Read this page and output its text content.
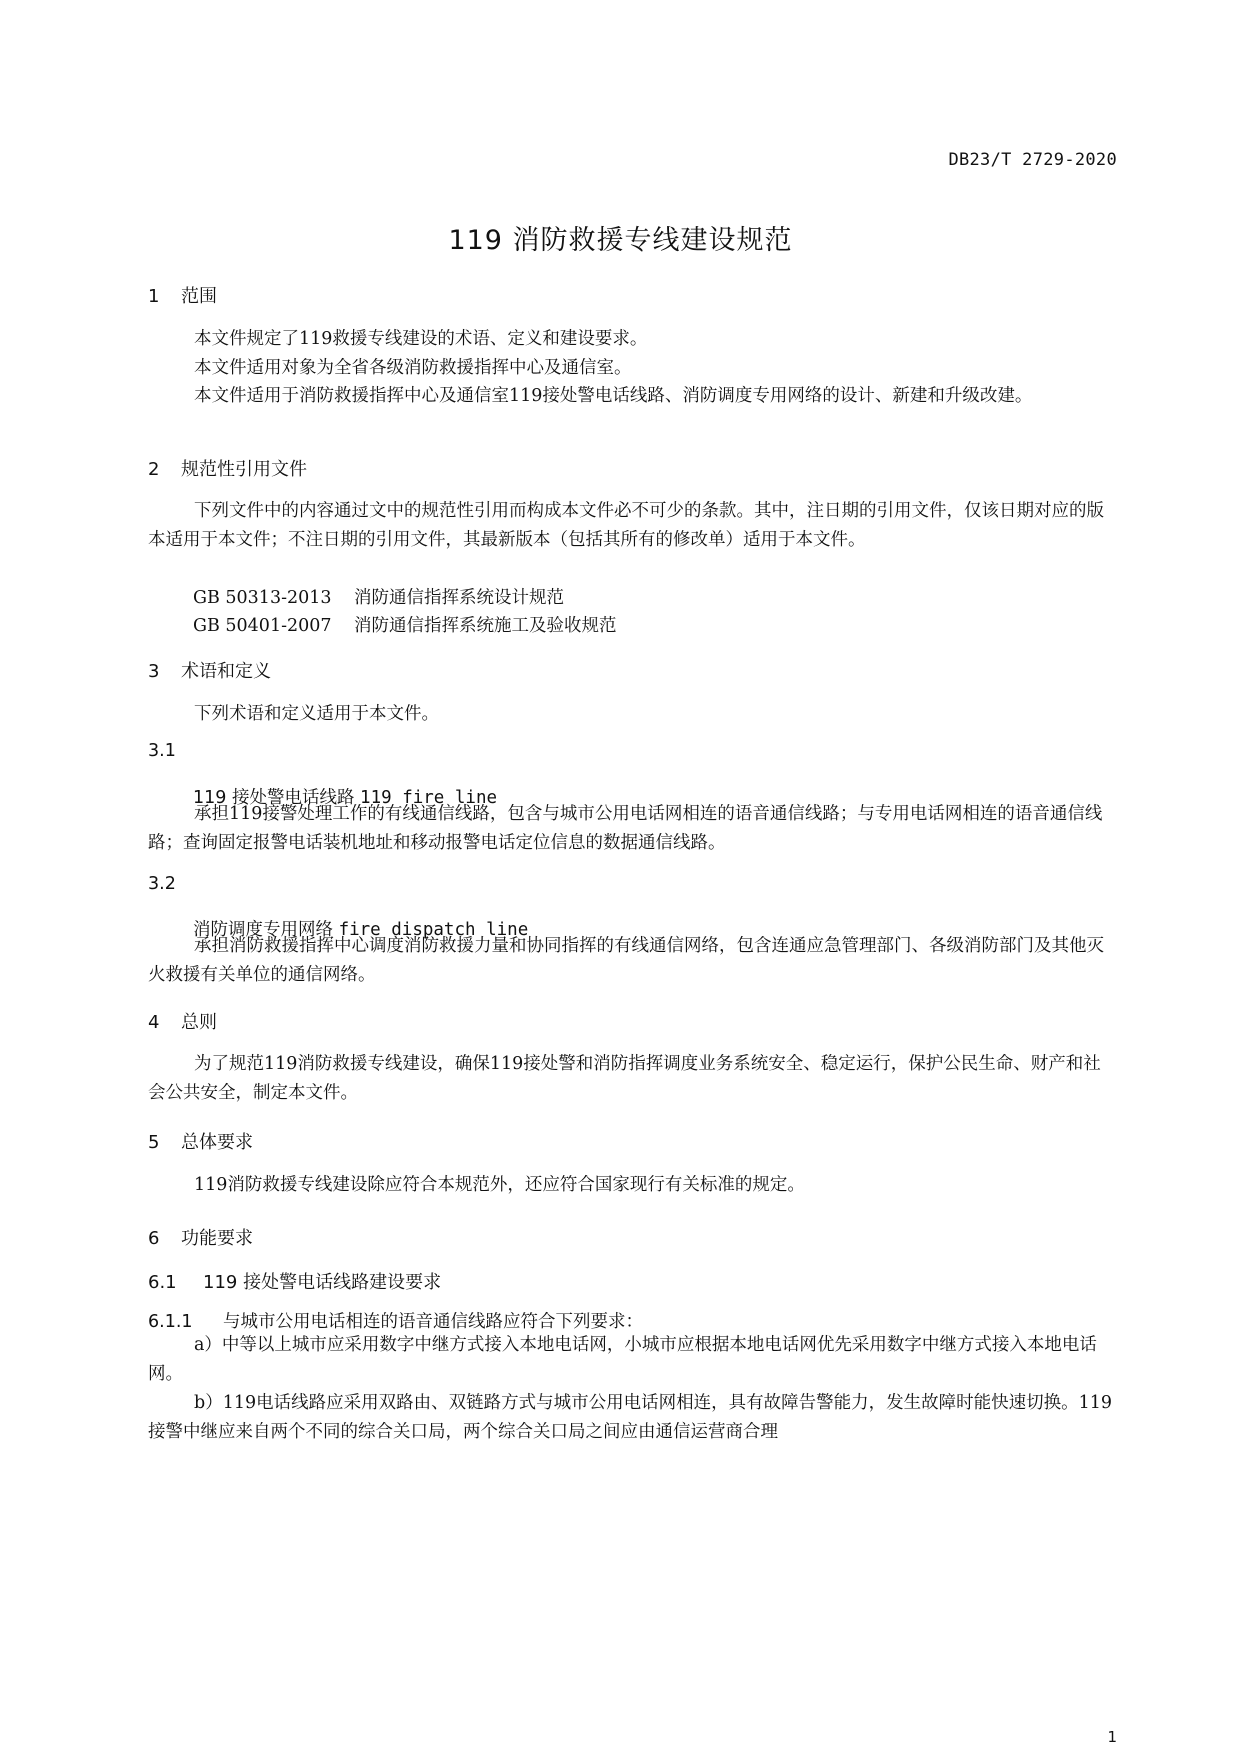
DB23/T 2729-2020
119 消防救援专线建设规范
1 范围
本文件规定了119救援专线建设的术语、定义和建设要求。
本文件适用对象为全省各级消防救援指挥中心及通信室。
本文件适用于消防救援指挥中心及通信室119接处警电话线路、消防调度专用网络的设计、新建和升级改建。
2 规范性引用文件
下列文件中的内容通过文中的规范性引用而构成本文件必不可少的条款。其中，注日期的引用文件，仅该日期对应的版本适用于本文件；不注日期的引用文件，其最新版本（包括其所有的修改单）适用于本文件。
GB 50313-2013 消防通信指挥系统设计规范
GB 50401-2007 消防通信指挥系统施工及验收规范
3 术语和定义
下列术语和定义适用于本文件。
3.1
119 接处警电话线路 119 fire line
承担119接警处理工作的有线通信线路，包含与城市公用电话网相连的语音通信线路；与专用电话网相连的语音通信线路；查询固定报警电话装机地址和移动报警电话定位信息的数据通信线路。
3.2
消防调度专用网络 fire dispatch line
承担消防救援指挥中心调度消防救援力量和协同指挥的有线通信网络，包含连通应急管理部门、各级消防部门及其他灭火救援有关单位的通信网络。
4 总则
为了规范119消防救援专线建设，确保119接处警和消防指挥调度业务系统安全、稳定运行，保护公民生命、财产和社会公共安全，制定本文件。
5 总体要求
119消防救援专线建设除应符合本规范外，还应符合国家现行有关标准的规定。
6 功能要求
6.1 119 接处警电话线路建设要求
6.1.1 与城市公用电话相连的语音通信线路应符合下列要求：
a）中等以上城市应采用数字中继方式接入本地电话网，小城市应根据本地电话网优先采用数字中继方式接入本地电话网。
b）119电话线路应采用双路由、双链路方式与城市公用电话网相连，具有故障告警能力，发生故障时能快速切换。119接警中继应来自两个不同的综合关口局，两个综合关口局之间应由通信运营商合理
1
